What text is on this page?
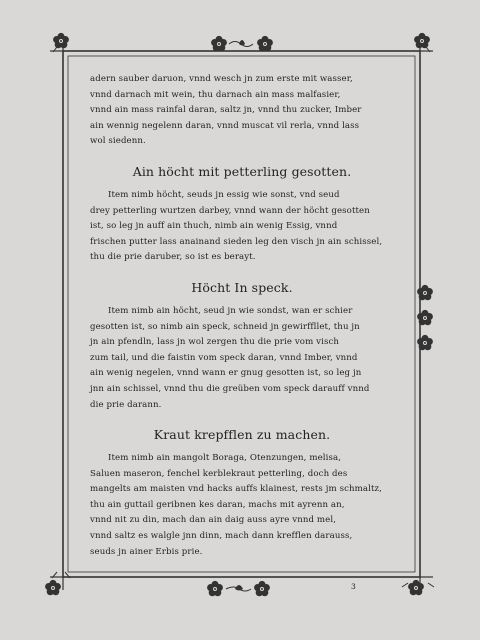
adern sauber daruon, vnnd wesch jn zum erste mit wasser,

vnnd darnach mit wein, thu darnach ain mass malfasier,

vnnd ain mass rainfal daran, saltz jn, vnnd thu zucker, Imber

ain wennig negelenn daran, vnnd muscat vil rerla, vnnd lass

wol siedenn.

Ain höcht mit petterling gesotten.

Item nimb höcht, seuds jn essig wie sonst, vnd seud

drey petterling wurtzen darbey, vnnd wann der höcht gesotten

ist, so leg jn auff ain thuch, nimb ain wenig Essig, vnnd

frischen putter lass anainand sieden leg den visch jn ain schissel,

thu die prie daruber, so ist es berayt.

Höcht In speck.

Item nimb ain höcht, seud jn wie sondst, wan er schier

gesotten ist, so nimb ain speck, schneid jn gewirffllet, thu jn

jn ain pfendln, lass jn wol zergen thu die prie vom visch

zum tail, und die faistin vom speck daran, vnnd Imber, vnnd

ain wenig negelen, vnnd wann er gnug gesotten ist, so leg jn

jnn ain schissel, vnnd thu die greüben vom speck darauff vnnd

die prie darann.

Kraut krepfflen zu machen.

Item nimb ain mangolt Boraga, Otenzungen, melisa,

Saluen maseron, fenchel kerblekraut petterling, doch des

mangelts am maisten vnd hacks auffs klainest, rests jm schmaltz,

thu ain guttail geribnen kes daran, machs mit ayrenn an,

vnnd nit zu din, mach dan ain daig auss ayre vnnd mel,

vnnd saltz es walgle jnn dinn, mach dann krefflen darauss,

seuds jn ainer Erbis prie.

3
